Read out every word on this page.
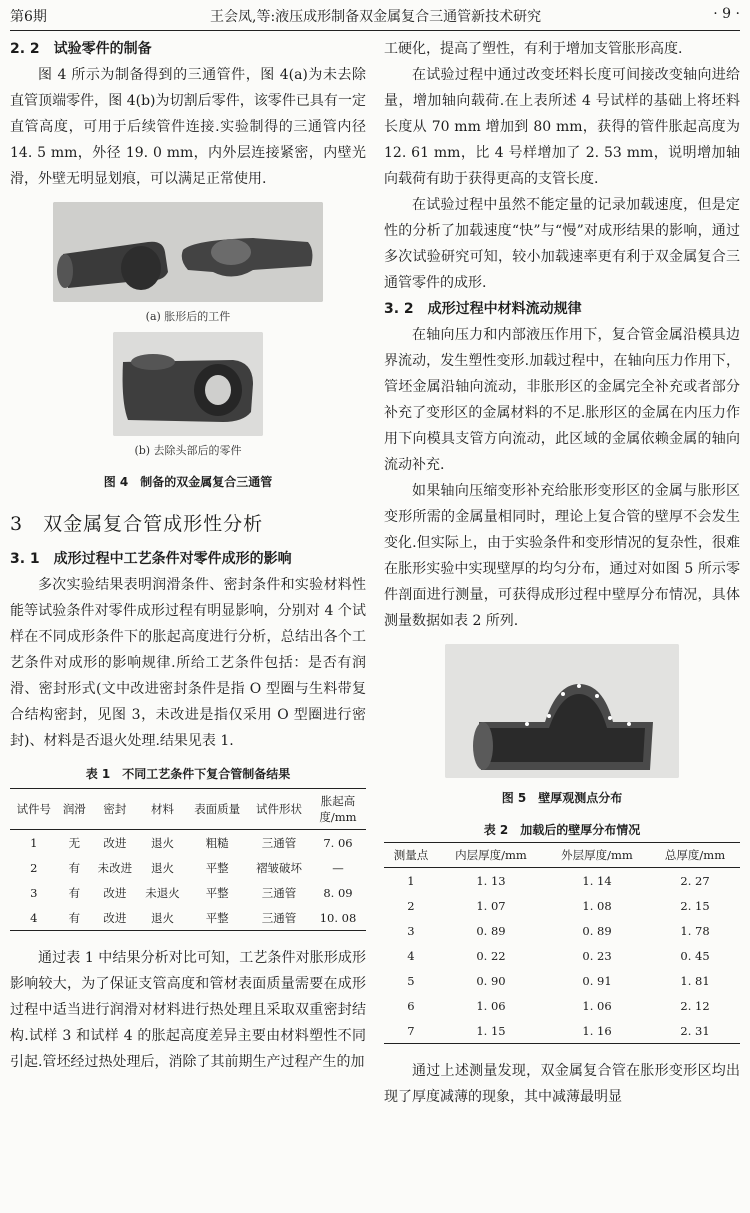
第6期	王会凤,等:液压成形制备双金属复合三通管新技术研究	· 9 ·
2. 2　试验零件的制备

图 4 所示为制备得到的三通管件，图 4(a)为未去除直管顶端零件，图 4(b)为切割后零件，该零件已具有一定直管高度，可用于后续管件连接.实验制得的三通管内径 14. 5 mm，外径 19. 0 mm，内外层连接紧密，内壁光滑，外壁无明显划痕，可以满足正常使用.

(a) 胀形后的工件
(b) 去除头部后的零件
图 4　制备的双金属复合三通管
3　双金属复合管成形性分析
3. 1　成形过程中工艺条件对零件成形的影响

多次实验结果表明润滑条件、密封条件和实验材料性能等试验条件对零件成形过程有明显影响，分别对 4 个试样在不同成形条件下的胀起高度进行分析，总结出各个工艺条件对成形的影响规律.所给工艺条件包括：是否有润滑、密封形式(文中改进密封条件是指 O 型圈与生料带复合结构密封，见图 3，未改进是指仅采用 O 型圈进行密封)、材料是否退火处理.结果见表 1.

表 1　不同工艺条件下复合管制备结果
试件号	润滑	密封	材料	表面质量	试件形状	胀起高度/mm
1	无	改进	退火	粗糙	三通管	7. 06
2	有	未改进	退火	平整	褶皱破坏	—
3	有	改进	未退火	平整	三通管	8. 09
4	有	改进	退火	平整	三通管	10. 08

通过表 1 中结果分析对比可知，工艺条件对胀形成形影响较大，为了保证支管高度和管材表面质量需要在成形过程中适当进行润滑对材料进行热处理且采取双重密封结构.试样 3 和试样 4 的胀起高度差异主要由材料塑性不同引起.管坯经过热处理后，消除了其前期生产过程产生的加

工硬化，提高了塑性，有利于增加支管胀形高度.

在试验过程中通过改变坯料长度可间接改变轴向进给量，增加轴向载荷.在上表所述 4 号试样的基础上将坯料长度从 70 mm 增加到 80 mm，获得的管件胀起高度为 12. 61 mm，比 4 号样增加了 2. 53 mm，说明增加轴向载荷有助于获得更高的支管长度.

在试验过程中虽然不能定量的记录加载速度，但是定性的分析了加载速度“快”与“慢”对成形结果的影响，通过多次试验研究可知，较小加载速率更有利于双金属复合三通管零件的成形.

3. 2　成形过程中材料流动规律

在轴向压力和内部液压作用下，复合管金属沿模具边界流动，发生塑性变形.加载过程中，在轴向压力作用下，管坯金属沿轴向流动，非胀形区的金属完全补充或者部分补充了变形区的金属材料的不足.胀形区的金属在内压力作用下向模具支管方向流动，此区域的金属依赖金属的轴向流动补充.

如果轴向压缩变形补充给胀形变形区的金属与胀形区变形所需的金属量相同时，理论上复合管的壁厚不会发生变化.但实际上，由于实验条件和变形情况的复杂性，很难在胀形实验中实现壁厚的均匀分布，通过对如图 5 所示零件剖面进行测量，可获得成形过程中壁厚分布情况，具体测量数据如表 2 所列.

图 5　壁厚观测点分布
表 2　加载后的壁厚分布情况
测量点	内层厚度/mm	外层厚度/mm	总厚度/mm
1	1. 13	1. 14	2. 27
2	1. 07	1. 08	2. 15
3	0. 89	0. 89	1. 78
4	0. 22	0. 23	0. 45
5	0. 90	0. 91	1. 81
6	1. 06	1. 06	2. 12
7	1. 15	1. 16	2. 31

通过上述测量发现，双金属复合管在胀形变形区均出现了厚度减薄的现象，其中减薄最明显
